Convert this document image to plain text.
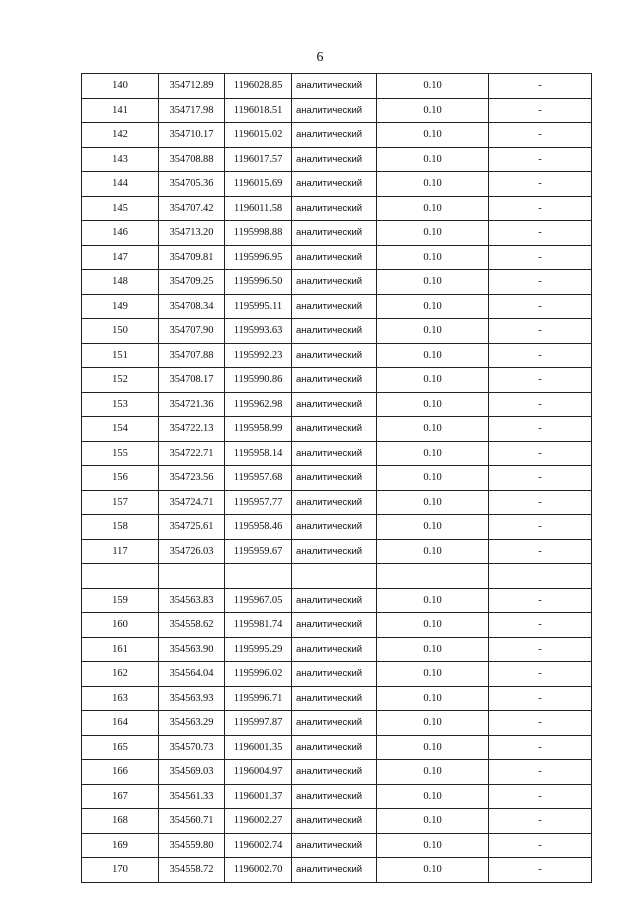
6
140	354712.89	1196028.85	аналитический	0.10	-
141	354717.98	1196018.51	аналитический	0.10	-
142	354710.17	1196015.02	аналитический	0.10	-
143	354708.88	1196017.57	аналитический	0.10	-
144	354705.36	1196015.69	аналитический	0.10	-
145	354707.42	1196011.58	аналитический	0.10	-
146	354713.20	1195998.88	аналитический	0.10	-
147	354709.81	1195996.95	аналитический	0.10	-
148	354709.25	1195996.50	аналитический	0.10	-
149	354708.34	1195995.11	аналитический	0.10	-
150	354707.90	1195993.63	аналитический	0.10	-
151	354707.88	1195992.23	аналитический	0.10	-
152	354708.17	1195990.86	аналитический	0.10	-
153	354721.36	1195962.98	аналитический	0.10	-
154	354722.13	1195958.99	аналитический	0.10	-
155	354722.71	1195958.14	аналитический	0.10	-
156	354723.56	1195957.68	аналитический	0.10	-
157	354724.71	1195957.77	аналитический	0.10	-
158	354725.61	1195958.46	аналитический	0.10	-
117	354726.03	1195959.67	аналитический	0.10	-

159	354563.83	1195967.05	аналитический	0.10	-
160	354558.62	1195981.74	аналитический	0.10	-
161	354563.90	1195995.29	аналитический	0.10	-
162	354564.04	1195996.02	аналитический	0.10	-
163	354563.93	1195996.71	аналитический	0.10	-
164	354563.29	1195997.87	аналитический	0.10	-
165	354570.73	1196001.35	аналитический	0.10	-
166	354569.03	1196004.97	аналитический	0.10	-
167	354561.33	1196001.37	аналитический	0.10	-
168	354560.71	1196002.27	аналитический	0.10	-
169	354559.80	1196002.74	аналитический	0.10	-
170	354558.72	1196002.70	аналитический	0.10	-
